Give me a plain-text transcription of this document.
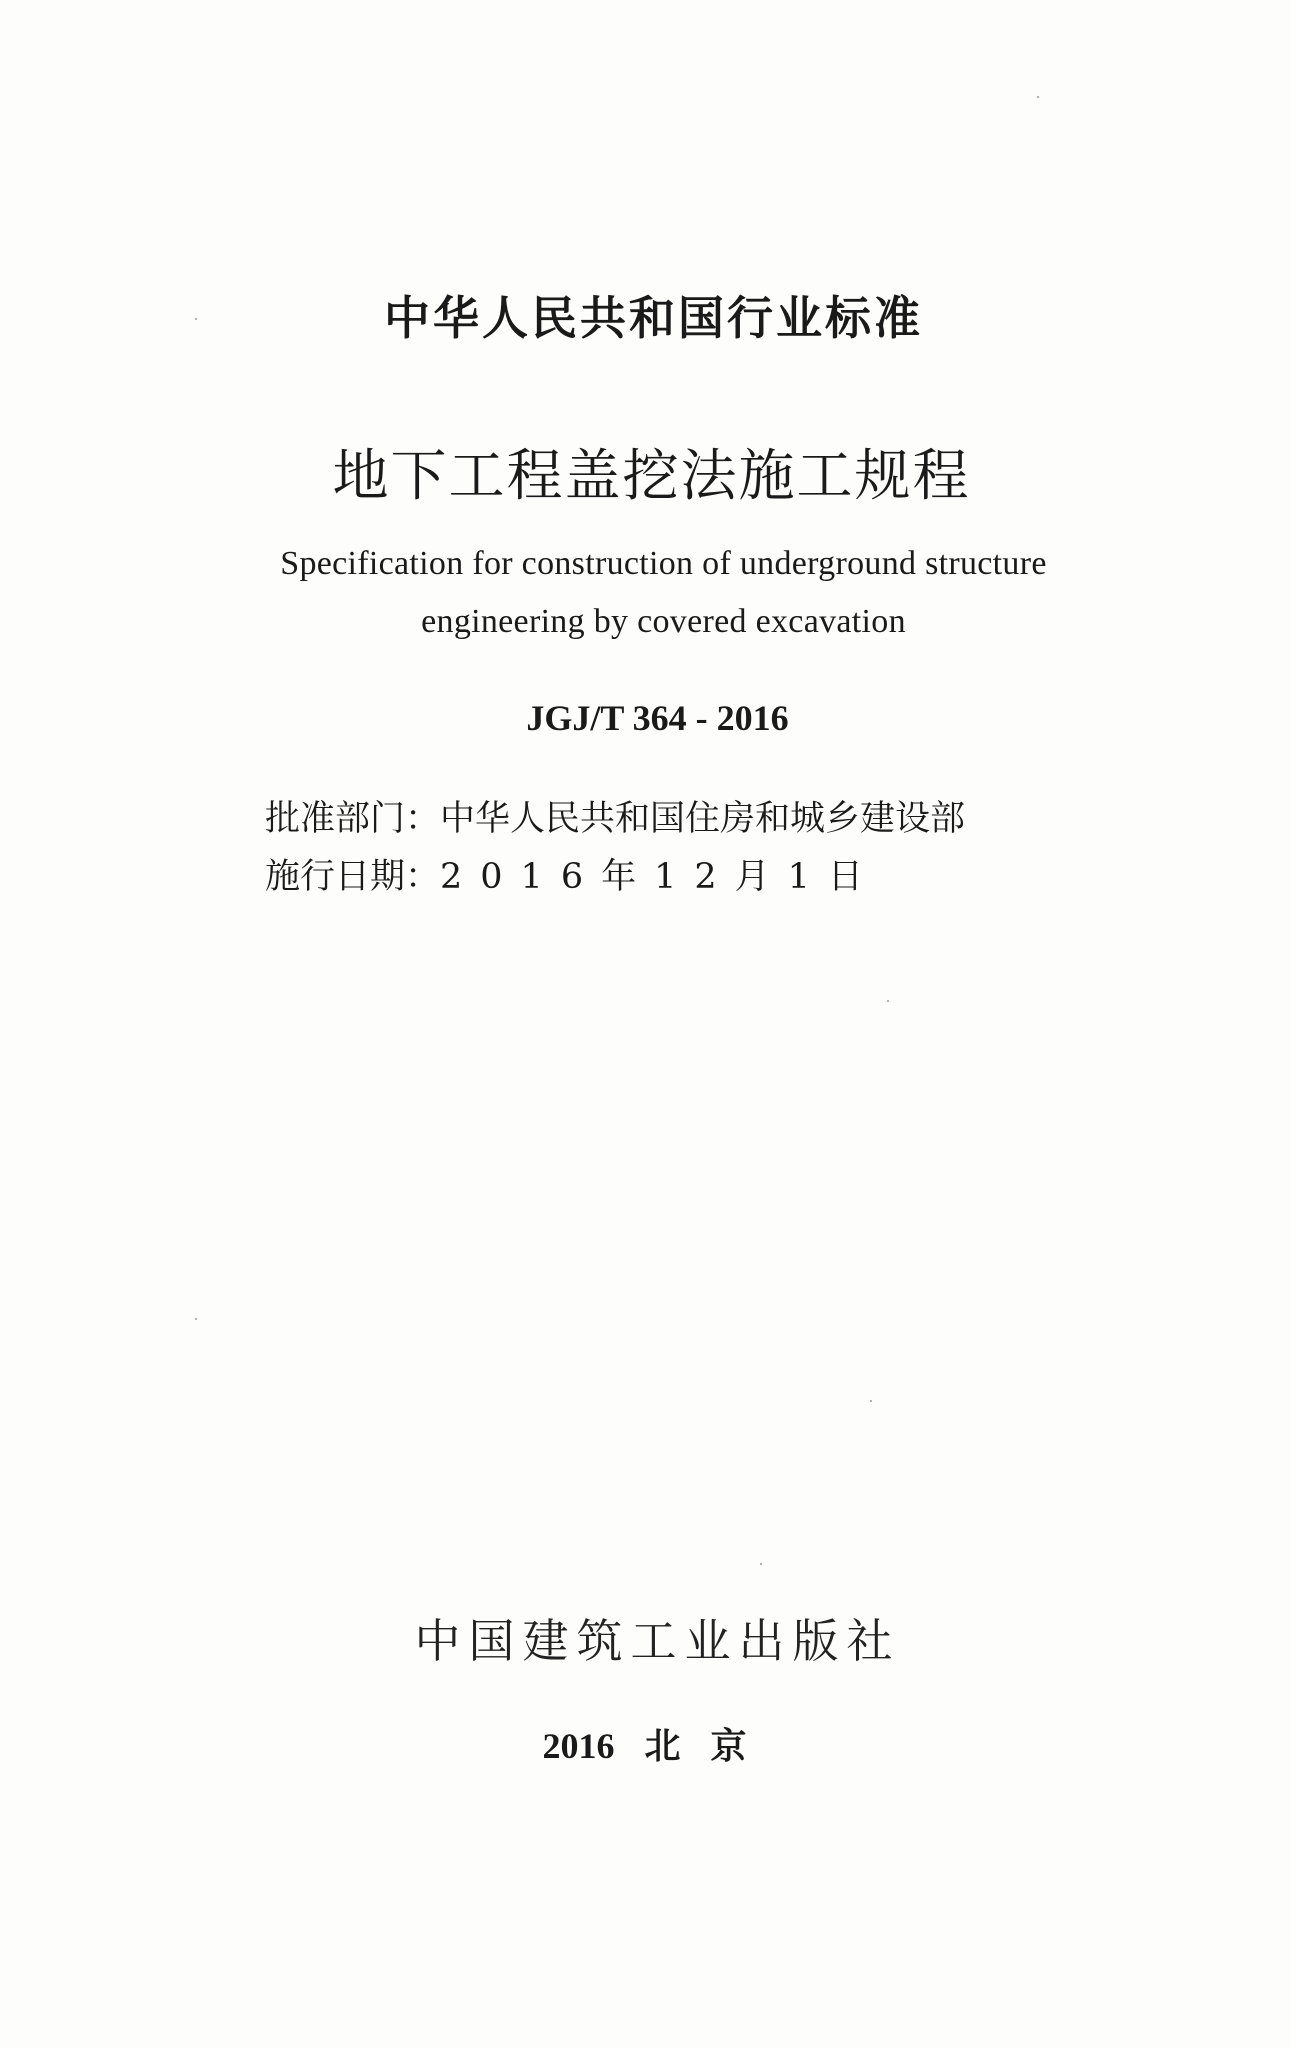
中华人民共和国行业标准
地下工程盖挖法施工规程
Specification for construction of underground structure
engineering by covered excavation
JGJ/T 364 - 2016
批准部门：中华人民共和国住房和城乡建设部
施行日期：2016年12月1日
中国建筑工业出版社
2016 北京
